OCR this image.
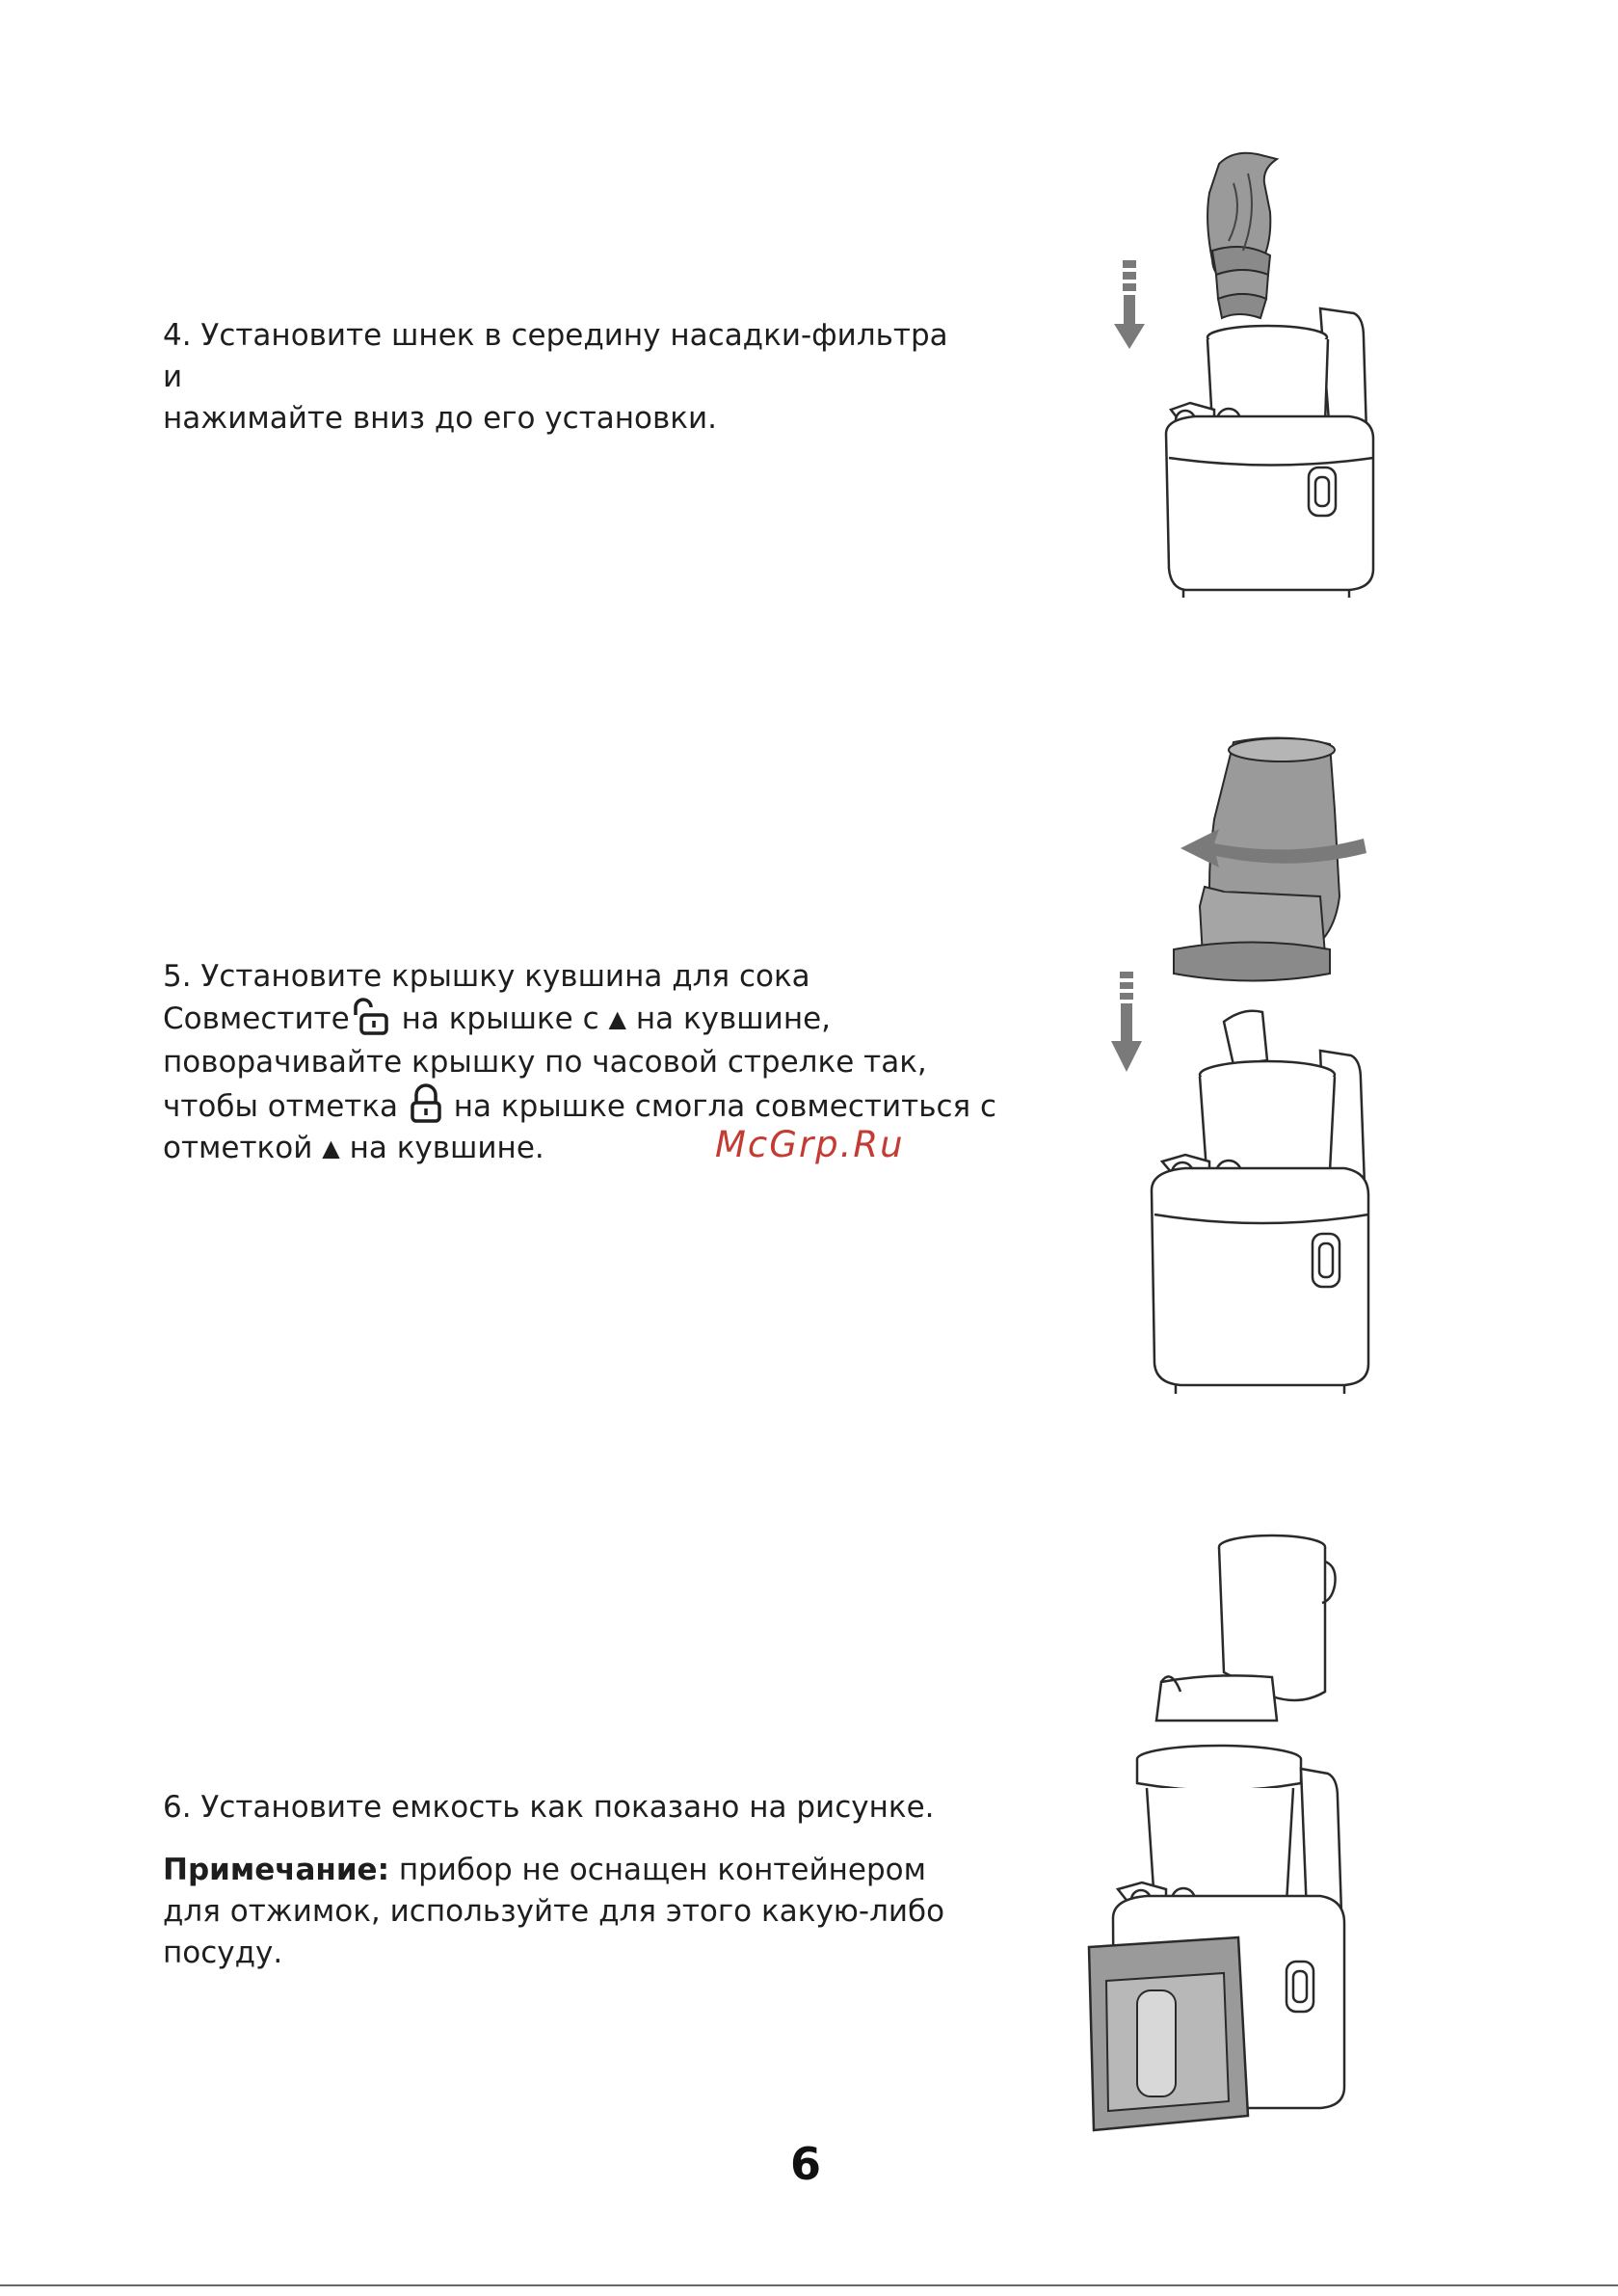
4. Установите шнек в середину насадки-фильтра и
нажимайте вниз до его установки.

5. Установите крышку кувшина для сока
Совместите на крышке с ▲ на кувшине,
поворачивайте крышку по часовой стрелке так,
чтобы отметка на крышке смогла совместиться с
отметкой ▲ на кувшине.	McGrp.Ru

6. Установите емкость как показано на рисунке.

Примечание: прибор не оснащен контейнером
для отжимок, используйте для этого какую-либо
посуду.

6
